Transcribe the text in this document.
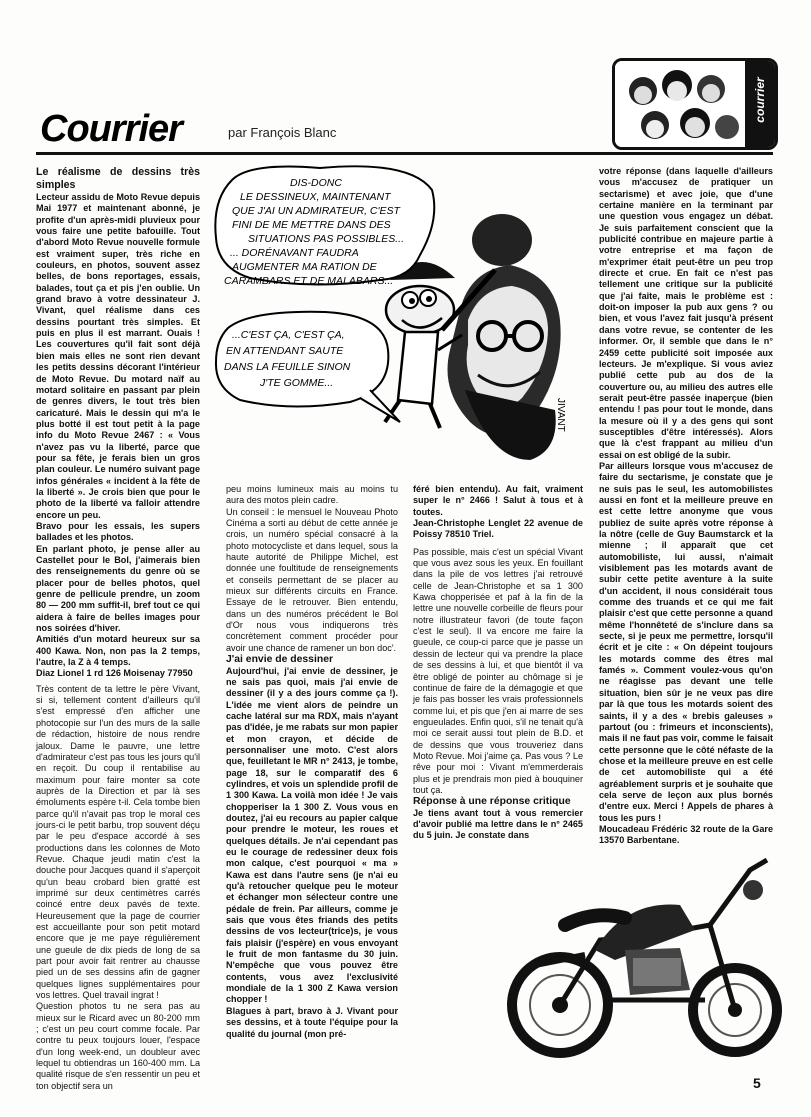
courrier
Courrier	par François Blanc
DIS-DONC
LE DESSINEUX, MAINTENANT
QUE J'AI UN ADMIRATEUR, C'EST
FINI DE ME METTRE DANS DES
SITUATIONS PAS POSSIBLES...
... DORÉNAVANT FAUDRA
AUGMENTER MA RATION DE
CARAMBARS ET DE MALABARS...
...C'EST ÇA, C'EST ÇA,
EN ATTENDANT SAUTE
DANS LA FEUILLE SINON
J'TE GOMME...
JIVANT

Le réalisme de dessins très simples

Lecteur assidu de Moto Revue depuis Mai 1977 et maintenant abonné, je profite d'un après-midi pluvieux pour vous faire une petite bafouille. Tout d'abord Moto Revue nouvelle formule est vraiment super, très riche en couleurs, en photos, souvent assez belles, de bons reportages, essais, balades, tout ça et pis j'en oublie. Un grand bravo à votre dessinateur J. Vivant, quel réalisme dans ces dessins pourtant très simples. Et puis en plus il est marrant. Ouais ! Les couvertures qu'il fait sont déjà bien mais elles ne sont rien devant les petits dessins décorant l'intérieur de Moto Revue. Du motard naïf au motard solitaire en passant par plein de genres divers, le tout très bien caricaturé. Mais le dessin qui m'a le plus botté il est tout petit à la page info du Moto Revue 2467 : « Vous n'avez pas vu la liberté, parce que pour sa fête, je ferais bien un gros plan couleur. Le numéro suivant page infos générales « incident à la fête de la liberté ». Je crois bien que pour le photo de la liberté va falloir attendre encore un peu.

Bravo pour les essais, les supers ballades et les photos.

En parlant photo, je pense aller au Castellet pour le Bol, j'aimerais bien des renseignements du genre où se placer pour de belles photos, quel genre de pellicule prendre, un zoom 80 — 200 mm suffit-il, bref tout ce qui aidera à faire de belles images pour nos soirées d'hiver.

Amitiés d'un motard heureux sur sa 400 Kawa. Non, non pas la 2 temps, l'autre, la Z à 4 temps.

Diaz Lionel 1 rd 126 Moisenay 77950

Très content de ta lettre le père Vivant, si si, tellement content d'ailleurs qu'il s'est empressé d'en afficher une photocopie sur l'un des murs de la salle de rédaction, histoire de nous rendre jaloux. Dame le pauvre, une lettre d'admirateur c'est pas tous les jours qu'il en reçoit. Du coup il rentabilise au maximum pour faire monter sa cote auprès de la Direction et par là ses émoluments espère t-il. Cela tombe bien parce qu'il n'avait pas trop le moral ces jours-ci le petit barbu, trop souvent déçu par le peu d'espace accordé à ses productions dans les colonnes de Moto Revue. Chaque jeudi matin c'est la douche pour Jacques quand il s'aperçoit qu'un beau crobard bien gratté est imprimé sur deux centimètres carrés coincé entre deux pavés de texte. Heureusement que la page de courrier est accueillante pour son petit motard encore que je me paye régulièrement une gueule de dix pieds de long de sa part pour avoir fait rentrer au chausse pied un de ses dessins afin de gagner quelques lignes supplémentaires pour vos lettres. Quel travail ingrat !

Question photos tu ne sera pas au mieux sur le Ricard avec un 80-200 mm ; c'est un peu court comme focale. Par contre tu peux toujours louer, l'espace d'un long week-end, un doubleur avec lequel tu obtiendras un 160-400 mm. La qualité risque de s'en ressentir un peu et ton objectif sera un

peu moins lumineux mais au moins tu aura des motos plein cadre.

Un conseil : le mensuel le Nouveau Photo Cinéma a sorti au début de cette année je crois, un numéro spécial consacré à la photo motocycliste et dans lequel, sous la haute autorité de Philippe Michel, est donnée une foultitude de renseignements et conseils permettant de se placer au mieux sur différents circuits en France. Essaye de le retrouver. Bien entendu, dans un des numéros précédent le Bol d'Or nous vous indiquerons très concrètement comment procéder pour avoir une chance de ramener un bon doc'.

J'ai envie de dessiner

Aujourd'hui, j'ai envie de dessiner, je ne sais pas quoi, mais j'ai envie de dessiner (il y a des jours comme ça !). L'idée me vient alors de peindre un cache latéral sur ma RDX, mais n'ayant pas d'idée, je me rabats sur mon papier et mon crayon, et décide de personnaliser une moto. C'est alors que, feuilletant le MR n° 2413, je tombe, page 18, sur le comparatif des 6 cylindres, et vois un splendide profil de 1 300 Kawa. La voilà mon idée ! Je vais chopperiser la 1 300 Z. Vous vous en doutez, j'ai eu recours au papier calque pour prendre le moteur, les roues et quelques détails. Je n'ai cependant pas eu le courage de redessiner deux fois mon calque, c'est pourquoi « ma » Kawa est dans l'autre sens (je n'ai eu qu'à retoucher quelque peu le moteur et échanger mon sélecteur contre une pédale de frein. Par ailleurs, comme je sais que vous êtes friands des petits dessins de vos lecteur(trice)s, je vous fais plaisir (j'espère) en vous envoyant le fruit de mon fantasme du 30 juin. N'empêche que vous pouvez être contents, vous avez l'exclusivité mondiale de la 1 300 Z Kawa version chopper !

Blagues à part, bravo à J. Vivant pour ses dessins, et à toute l'équipe pour la qualité du journal (mon pré-

féré bien entendu). Au fait, vraiment super le n° 2466 ! Salut à tous et à toutes.

Jean-Christophe Lenglet 22 avenue de Poissy 78510 Triel.

Pas possible, mais c'est un spécial Vivant que vous avez sous les yeux. En fouillant dans la pile de vos lettres j'ai retrouvé celle de Jean-Christophe et sa 1 300 Kawa chopperisée et paf à la fin de la lettre une nouvelle corbeille de fleurs pour notre illustrateur favori (de toute façon c'est le seul). Il va encore me faire la gueule, ce coup-ci parce que je passe un dessin de lecteur qui va prendre la place de ses dessins à lui, et que bientôt il va être obligé de pointer au chômage si je continue de faire de la démagogie et que je fais pas bosser les vrais professionnels comme lui, et pis que j'en ai marre de ses engueulades. Enfin quoi, s'il ne tenait qu'à moi ce serait aussi tout plein de B.D. et de dessins que vous trouveriez dans Moto Revue. Moi j'aime ça. Pas vous ? Le rêve pour moi : Vivant m'emmerderais plus et je prendrais mon pied à bouquiner tout ça.

Réponse à une réponse critique

Je tiens avant tout à vous remercier d'avoir publié ma lettre dans le n° 2465 du 5 juin. Je constate dans

votre réponse (dans laquelle d'ailleurs vous m'accusez de pratiquer un sectarisme) et avec joie, que d'une certaine manière en la terminant par une question vous engagez un débat. Je suis parfaitement conscient que la publicité contribue en majeure partie à votre entreprise et ma façon de m'exprimer était peut-être un peu trop directe et crue. En fait ce n'est pas tellement une critique sur la publicité que j'ai faite, mais le problème est : doit-on imposer la pub aux gens ? ou bien, et vous l'avez fait jusqu'à présent dans votre revue, se contenter de les informer. Or, il semble que dans le n° 2459 cette publicité soit imposée aux lecteurs. Je m'explique. Si vous aviez publié cette pub au dos de la couverture ou, au milieu des autres elle serait peut-être passée inaperçue (bien entendu ! pas pour tout le monde, dans la mesure où il y a des gens qui sont susceptibles d'être intéressés). Alors que là c'est frappant au milieu d'un essai on est obligé de la subir.

Par ailleurs lorsque vous m'accusez de faire du sectarisme, je constate que je ne suis pas le seul, les automobilistes aussi en font et la meilleure preuve en est cette lettre anonyme que vous publiez de suite après votre réponse à la nôtre (celle de Guy Baumstarck et la mienne ; il apparaît que cet automobiliste, lui aussi, n'aimait visiblement pas les motards avant de subir cette petite aventure à la suite d'un accident, il nous considérait tous comme des truands et ce qui me fait plaisir c'est que cette personne a quand même l'honnêteté de s'inclure dans sa secte, si je peux me permettre, lorsqu'il écrit et je cite : « On dépeint toujours les motards comme des êtres mal famés ». Comment voulez-vous qu'on ne réagisse pas devant une telle situation, bien sûr je ne veux pas dire par là que tous les motards soient des saints, il y a des « brebis galeuses » partout (ou : frimeurs et inconscients), mais il ne faut pas voir, comme le faisait cette personne que le côté néfaste de la chose et la meilleure preuve en est celle de cet automobiliste qui a été agréablement surpris et je souhaite que cela serve de leçon aux plus bornés d'entre eux. Merci ! Appels de phares à tous les purs !

Moucadeau Frédéric 32 route de la Gare 13570 Barbentane.

5
